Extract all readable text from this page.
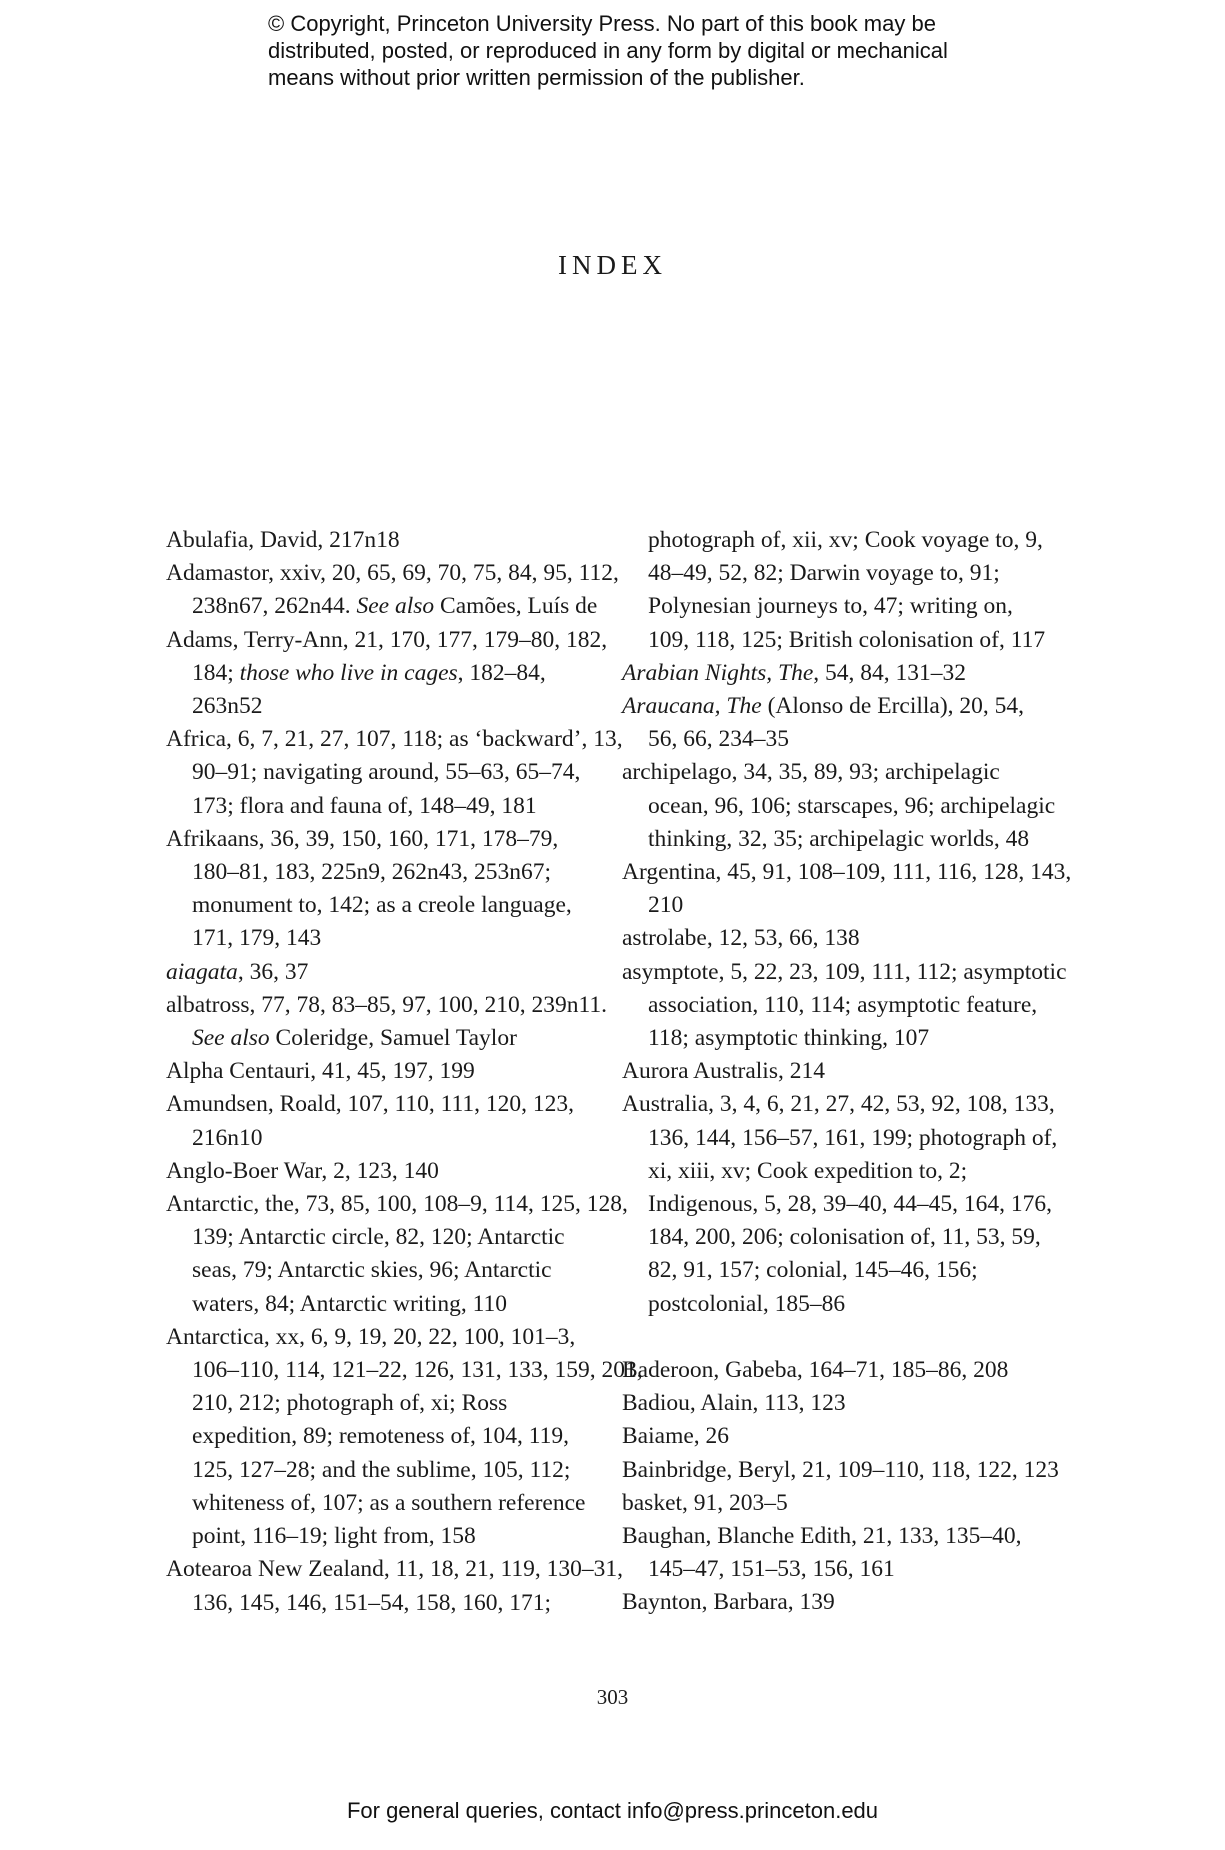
© Copyright, Princeton University Press. No part of this book may be
distributed, posted, or reproduced in any form by digital or mechanical
means without prior written permission of the publisher.
INDEX
Abulafia, David, 217n18
Adamastor, xxiv, 20, 65, 69, 70, 75, 84, 95, 112,
238n67, 262n44. See also Camões, Luís de
Adams, Terry-Ann, 21, 170, 177, 179–80, 182,
184; those who live in cages, 182–84,
263n52
Africa, 6, 7, 21, 27, 107, 118; as ‘backward’, 13,
90–91; navigating around, 55–63, 65–74,
173; flora and fauna of, 148–49, 181
Afrikaans, 36, 39, 150, 160, 171, 178–79,
180–81, 183, 225n9, 262n43, 253n67;
monument to, 142; as a creole language,
171, 179, 143
aiagata, 36, 37
albatross, 77, 78, 83–85, 97, 100, 210, 239n11.
See also Coleridge, Samuel Taylor
Alpha Centauri, 41, 45, 197, 199
Amundsen, Roald, 107, 110, 111, 120, 123,
216n10
Anglo-Boer War, 2, 123, 140
Antarctic, the, 73, 85, 100, 108–9, 114, 125, 128,
139; Antarctic circle, 82, 120; Antarctic
seas, 79; Antarctic skies, 96; Antarctic
waters, 84; Antarctic writing, 110
Antarctica, xx, 6, 9, 19, 20, 22, 100, 101–3,
106–110, 114, 121–22, 126, 131, 133, 159, 201,
210, 212; photograph of, xi; Ross
expedition, 89; remoteness of, 104, 119,
125, 127–28; and the sublime, 105, 112;
whiteness of, 107; as a southern reference
point, 116–19; light from, 158
Aotearoa New Zealand, 11, 18, 21, 119, 130–31,
136, 145, 146, 151–54, 158, 160, 171;
photograph of, xii, xv; Cook voyage to, 9,
48–49, 52, 82; Darwin voyage to, 91;
Polynesian journeys to, 47; writing on,
109, 118, 125; British colonisation of, 117
Arabian Nights, The, 54, 84, 131–32
Araucana, The (Alonso de Ercilla), 20, 54,
56, 66, 234–35
archipelago, 34, 35, 89, 93; archipelagic
ocean, 96, 106; starscapes, 96; archipelagic
thinking, 32, 35; archipelagic worlds, 48
Argentina, 45, 91, 108–109, 111, 116, 128, 143,
210
astrolabe, 12, 53, 66, 138
asymptote, 5, 22, 23, 109, 111, 112; asymptotic
association, 110, 114; asymptotic feature,
118; asymptotic thinking, 107
Aurora Australis, 214
Australia, 3, 4, 6, 21, 27, 42, 53, 92, 108, 133,
136, 144, 156–57, 161, 199; photograph of,
xi, xiii, xv; Cook expedition to, 2;
Indigenous, 5, 28, 39–40, 44–45, 164, 176,
184, 200, 206; colonisation of, 11, 53, 59,
82, 91, 157; colonial, 145–46, 156;
postcolonial, 185–86
Baderoon, Gabeba, 164–71, 185–86, 208
Badiou, Alain, 113, 123
Baiame, 26
Bainbridge, Beryl, 21, 109–110, 118, 122, 123
basket, 91, 203–5
Baughan, Blanche Edith, 21, 133, 135–40,
145–47, 151–53, 156, 161
Baynton, Barbara, 139
303
For general queries, contact info@press.princeton.edu
